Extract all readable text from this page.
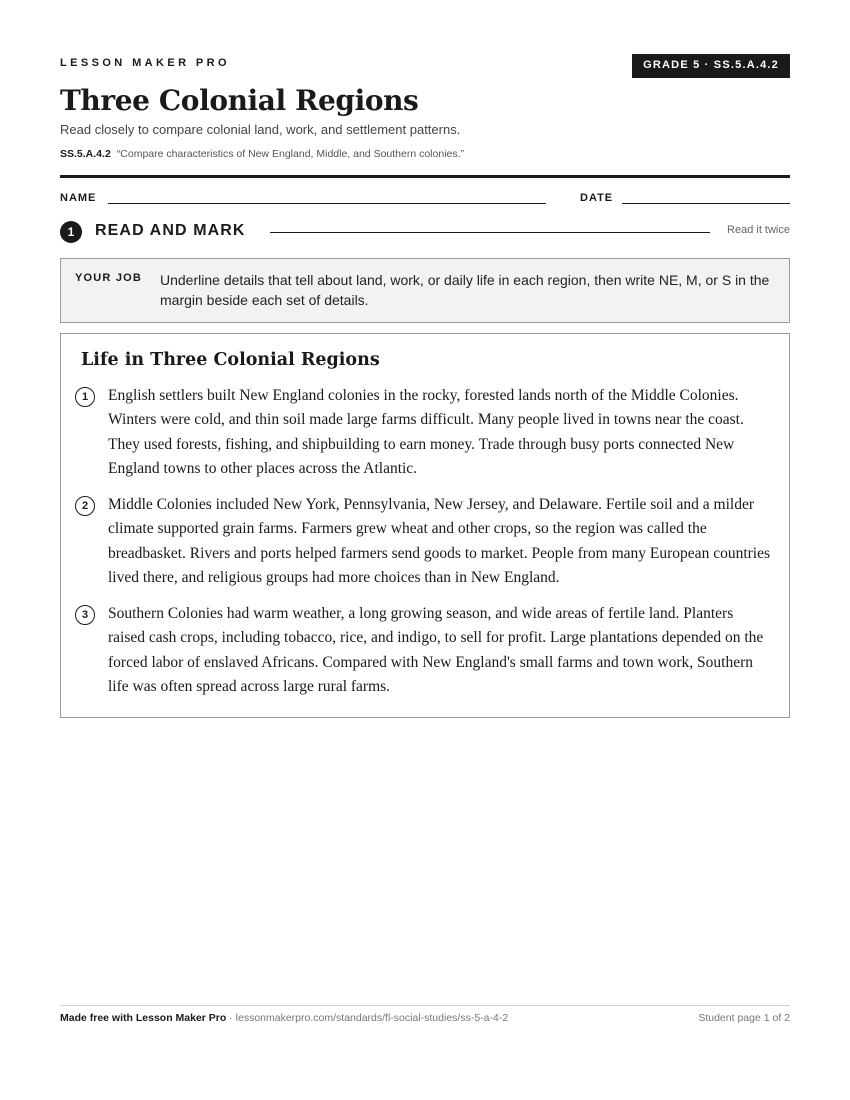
LESSON MAKER PRO	GRADE 5 · SS.5.A.4.2
Three Colonial Regions
Read closely to compare colonial land, work, and settlement patterns.
SS.5.A.4.2 “Compare characteristics of New England, Middle, and Southern colonies.”
NAME	DATE
1	READ AND MARK	Read it twice
YOUR JOB Underline details that tell about land, work, or daily life in each region, then write NE, M, or S in the margin beside each set of details.
Life in Three Colonial Regions
1	English settlers built New England colonies in the rocky, forested lands north of the Middle Colonies. Winters were cold, and thin soil made large farms difficult. Many people lived in towns near the coast. They used forests, fishing, and shipbuilding to earn money. Trade through busy ports connected New England towns to other places across the Atlantic.
2	Middle Colonies included New York, Pennsylvania, New Jersey, and Delaware. Fertile soil and a milder climate supported grain farms. Farmers grew wheat and other crops, so the region was called the breadbasket. Rivers and ports helped farmers send goods to market. People from many European countries lived there, and religious groups had more choices than in New England.
3	Southern Colonies had warm weather, a long growing season, and wide areas of fertile land. Planters raised cash crops, including tobacco, rice, and indigo, to sell for profit. Large plantations depended on the forced labor of enslaved Africans. Compared with New England's small farms and town work, Southern life was often spread across large rural farms.
Made free with Lesson Maker Pro · lessonmakerpro.com/standards/fl-social-studies/ss-5-a-4-2	Student page 1 of 2
